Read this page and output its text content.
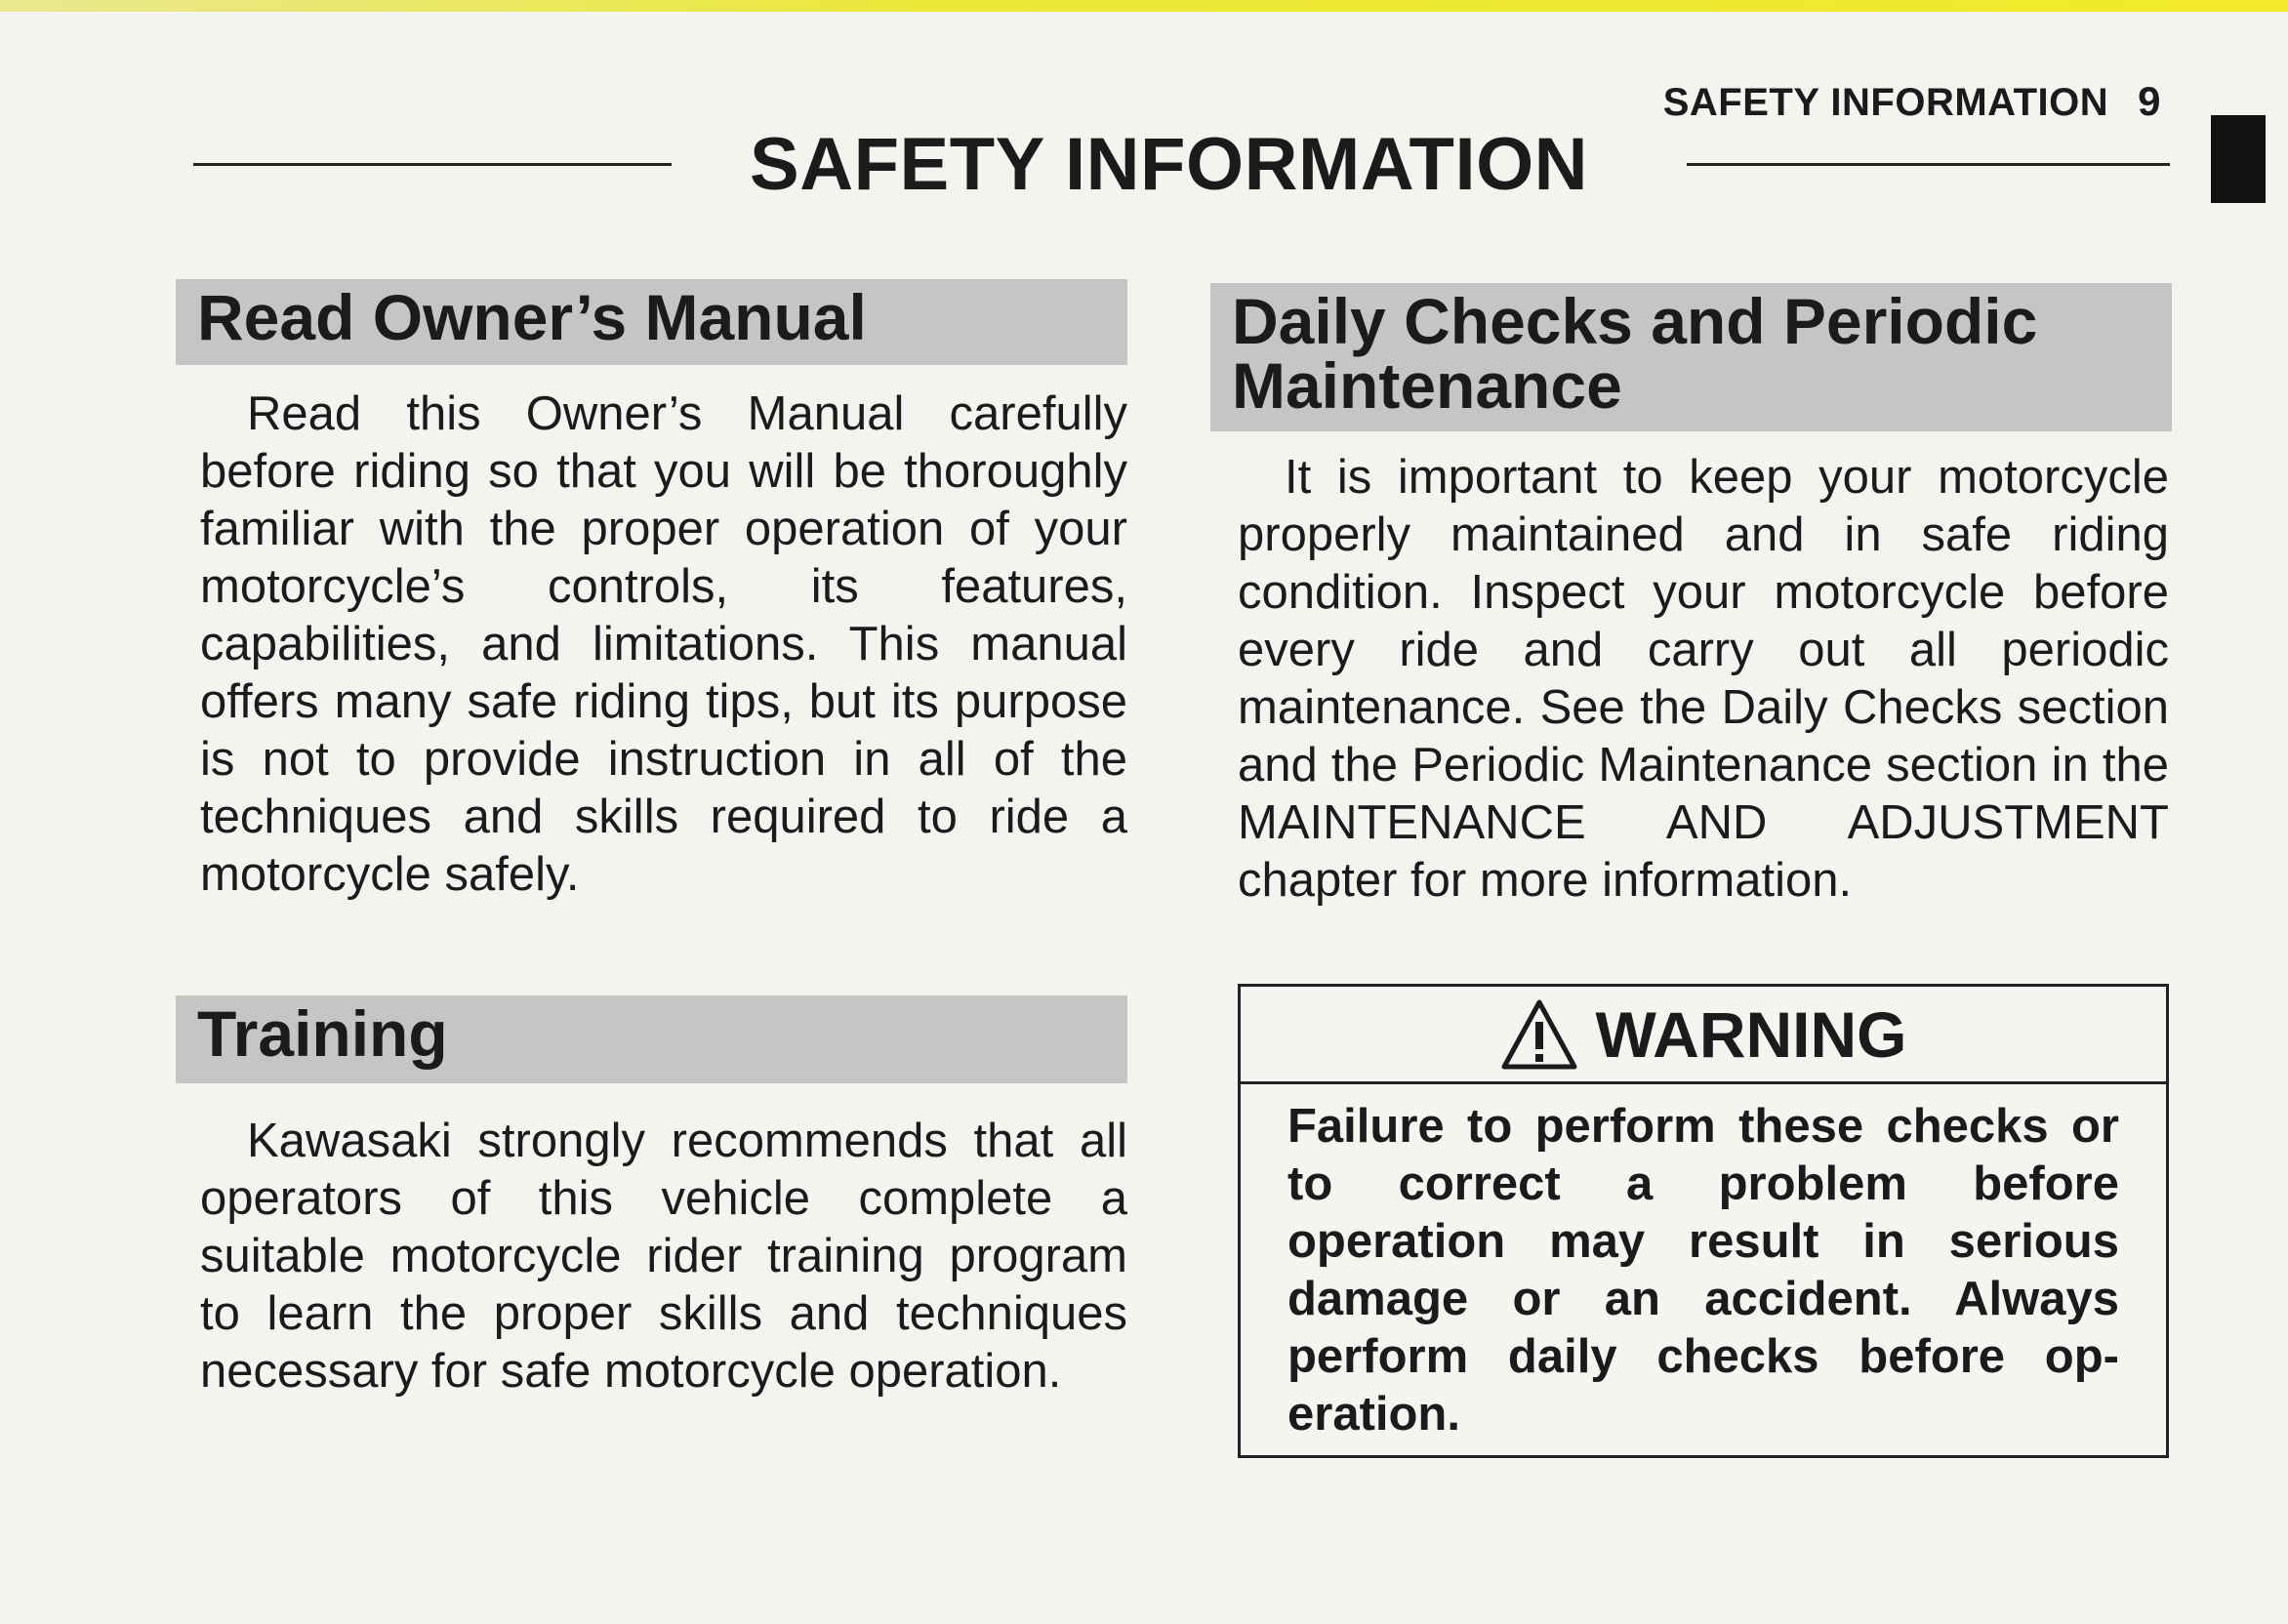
SAFETY INFORMATION 9
SAFETY INFORMATION
Read Owner’s Manual

Read this Owner’s Manual carefully before riding so that you will be thoroughly familiar with the proper operation of your motorcycle’s controls, its features, capabilities, and limitations. This manual offers many safe riding tips, but its purpose is not to provide instruction in all of the techniques and skills required to ride a motorcycle safely.

Training

Kawasaki strongly recommends that all operators of this vehicle complete a suitable motorcycle rider training program to learn the proper skills and techniques necessary for safe motorcycle operation.

Daily Checks and Periodic
Maintenance

It is important to keep your motorcycle properly maintained and in safe riding condition. Inspect your motorcycle before every ride and carry out all periodic maintenance. See the Daily Checks section and the Periodic Maintenance section in the MAINTENANCE AND ADJUSTMENT chapter for more information.

WARNING
Failure to perform these checks or to correct a problem before operation may result in serious damage or an accident. Always perform daily checks before operation.
